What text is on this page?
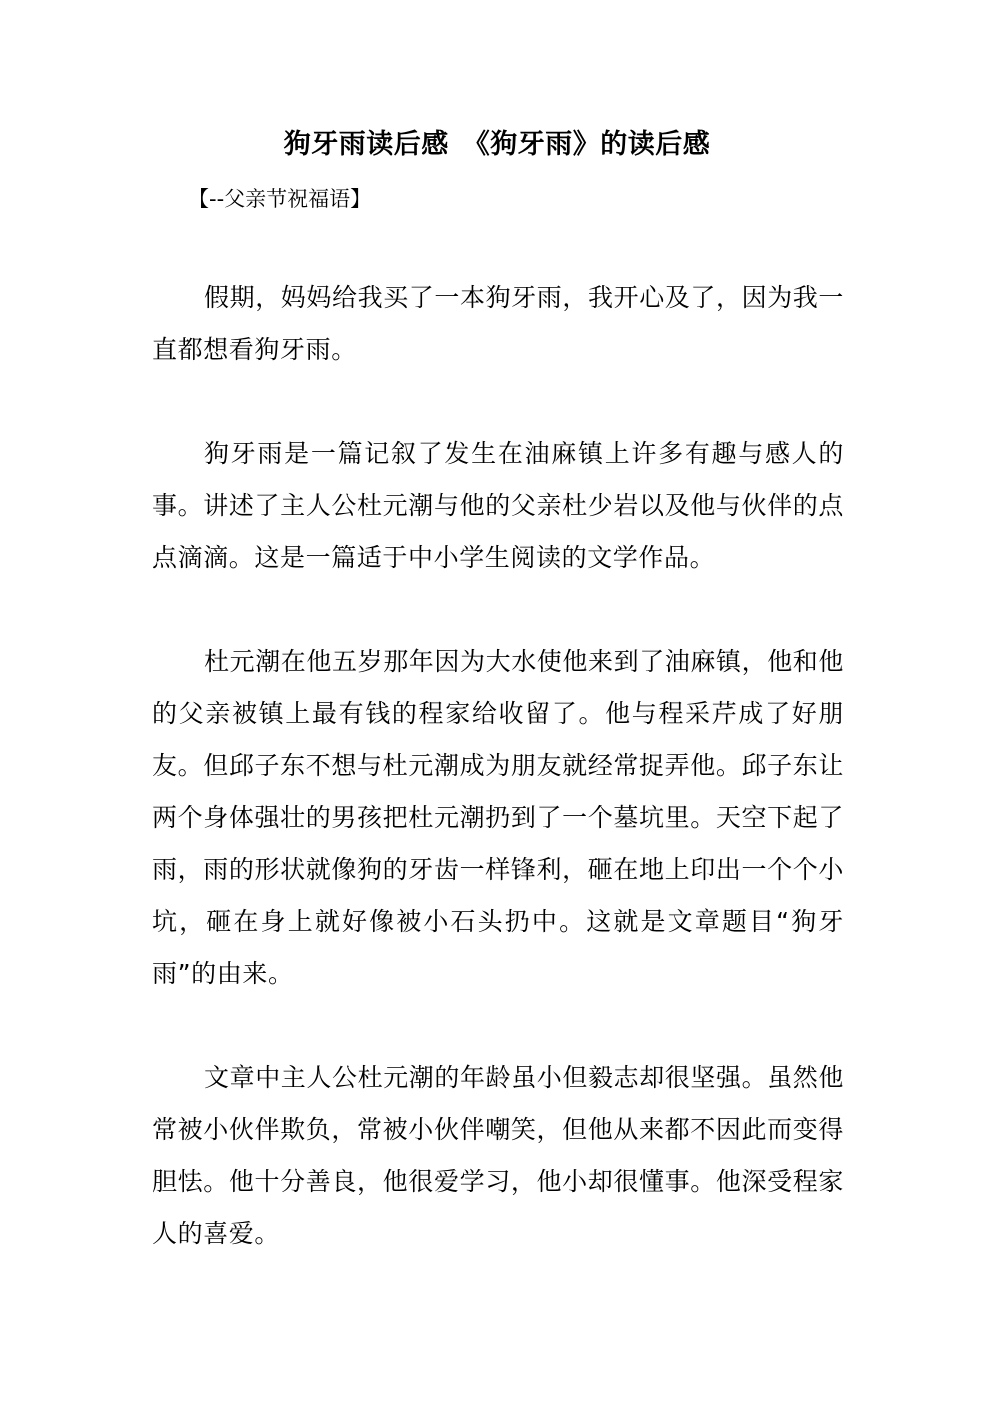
狗牙雨读后感　《狗牙雨》的读后感

【--父亲节祝福语】

假期，妈妈给我买了一本狗牙雨，我开心及了，因为我一直都想看狗牙雨。

狗牙雨是一篇记叙了发生在油麻镇上许多有趣与感人的事。讲述了主人公杜元潮与他的父亲杜少岩以及他与伙伴的点点滴滴。这是一篇适于中小学生阅读的文学作品。

杜元潮在他五岁那年因为大水使他来到了油麻镇，他和他的父亲被镇上最有钱的程家给收留了。他与程采芹成了好朋友。但邱子东不想与杜元潮成为朋友就经常捉弄他。邱子东让两个身体强壮的男孩把杜元潮扔到了一个墓坑里。天空下起了雨，雨的形状就像狗的牙齿一样锋利，砸在地上印出一个个小坑，砸在身上就好像被小石头扔中。这就是文章题目“狗牙雨”的由来。

文章中主人公杜元潮的年龄虽小但毅志却很坚强。虽然他常被小伙伴欺负，常被小伙伴嘲笑，但他从来都不因此而变得胆怯。他十分善良，他很爱学习，他小却很懂事。他深受程家人的喜爱。
